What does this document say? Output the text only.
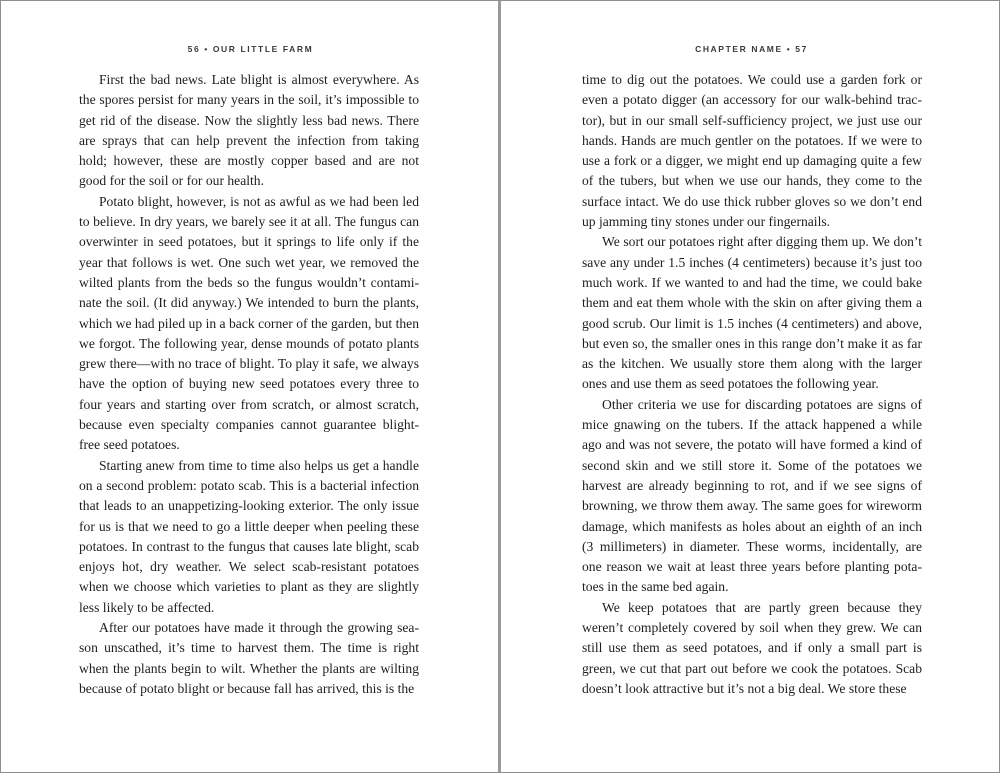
56 • OUR LITTLE FARM

First the bad news. Late blight is almost everywhere. As the spores persist for many years in the soil, it’s impossible to get rid of the disease. Now the slightly less bad news. There are sprays that can help prevent the infection from taking hold; however, these are mostly copper based and are not good for the soil or for our health.

Potato blight, however, is not as awful as we had been led to believe. In dry years, we barely see it at all. The fungus can overwinter in seed potatoes, but it springs to life only if the year that follows is wet. One such wet year, we removed the wilted plants from the beds so the fungus wouldn’t contaminate the soil. (It did anyway.) We intended to burn the plants, which we had piled up in a back corner of the garden, but then we forgot. The following year, dense mounds of potato plants grew there—with no trace of blight. To play it safe, we always have the option of buying new seed potatoes every three to four years and starting over from scratch, or almost scratch, because even specialty companies cannot guarantee blight-free seed potatoes.

Starting anew from time to time also helps us get a handle on a second problem: potato scab. This is a bacterial infection that leads to an unappetizing-looking exterior. The only issue for us is that we need to go a little deeper when peeling these potatoes. In contrast to the fungus that causes late blight, scab enjoys hot, dry weather. We select scab-resistant potatoes when we choose which varieties to plant as they are slightly less likely to be affected.

After our potatoes have made it through the growing season unscathed, it’s time to harvest them. The time is right when the plants begin to wilt. Whether the plants are wilting because of potato blight or because fall has arrived, this is the

CHAPTER NAME • 57

time to dig out the potatoes. We could use a garden fork or even a potato digger (an accessory for our walk-behind tractor), but in our small self-sufficiency project, we just use our hands. Hands are much gentler on the potatoes. If we were to use a fork or a digger, we might end up damaging quite a few of the tubers, but when we use our hands, they come to the surface intact. We do use thick rubber gloves so we don’t end up jamming tiny stones under our fingernails.

We sort our potatoes right after digging them up. We don’t save any under 1.5 inches (4 centimeters) because it’s just too much work. If we wanted to and had the time, we could bake them and eat them whole with the skin on after giving them a good scrub. Our limit is 1.5 inches (4 centimeters) and above, but even so, the smaller ones in this range don’t make it as far as the kitchen. We usually store them along with the larger ones and use them as seed potatoes the following year.

Other criteria we use for discarding potatoes are signs of mice gnawing on the tubers. If the attack happened a while ago and was not severe, the potato will have formed a kind of second skin and we still store it. Some of the potatoes we harvest are already beginning to rot, and if we see signs of browning, we throw them away. The same goes for wireworm damage, which manifests as holes about an eighth of an inch (3 millimeters) in diameter. These worms, incidentally, are one reason we wait at least three years before planting potatoes in the same bed again.

We keep potatoes that are partly green because they weren’t completely covered by soil when they grew. We can still use them as seed potatoes, and if only a small part is green, we cut that part out before we cook the potatoes. Scab doesn’t look attractive but it’s not a big deal. We store these
